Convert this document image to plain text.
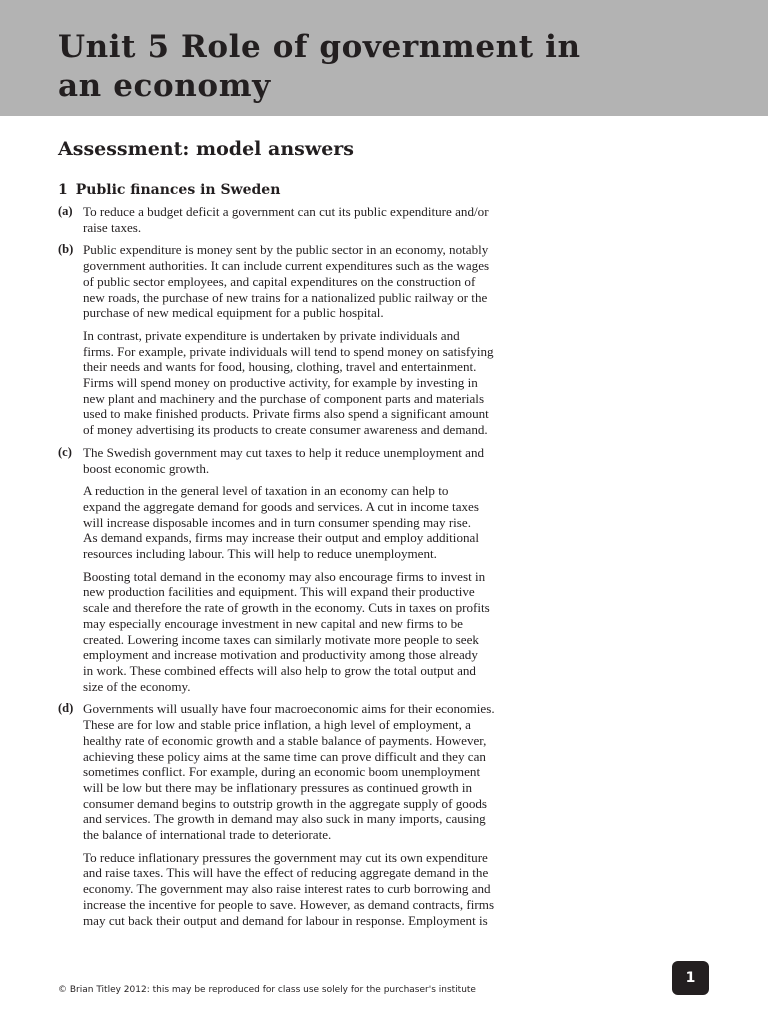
Unit 5 Role of government in
an economy
Assessment: model answers
1 Public finances in Sweden
(a) To reduce a budget deficit a government can cut its public expenditure and/or
raise taxes.
(b) Public expenditure is money sent by the public sector in an economy, notably
government authorities. It can include current expenditures such as the wages
of public sector employees, and capital expenditures on the construction of
new roads, the purchase of new trains for a nationalized public railway or the
purchase of new medical equipment for a public hospital.
In contrast, private expenditure is undertaken by private individuals and
firms. For example, private individuals will tend to spend money on satisfying
their needs and wants for food, housing, clothing, travel and entertainment.
Firms will spend money on productive activity, for example by investing in
new plant and machinery and the purchase of component parts and materials
used to make finished products. Private firms also spend a significant amount
of money advertising its products to create consumer awareness and demand.
(c) The Swedish government may cut taxes to help it reduce unemployment and
boost economic growth.
A reduction in the general level of taxation in an economy can help to
expand the aggregate demand for goods and services. A cut in income taxes
will increase disposable incomes and in turn consumer spending may rise.
As demand expands, firms may increase their output and employ additional
resources including labour. This will help to reduce unemployment.
Boosting total demand in the economy may also encourage firms to invest in
new production facilities and equipment. This will expand their productive
scale and therefore the rate of growth in the economy. Cuts in taxes on profits
may especially encourage investment in new capital and new firms to be
created. Lowering income taxes can similarly motivate more people to seek
employment and increase motivation and productivity among those already
in work. These combined effects will also help to grow the total output and
size of the economy.
(d) Governments will usually have four macroeconomic aims for their economies.
These are for low and stable price inflation, a high level of employment, a
healthy rate of economic growth and a stable balance of payments. However,
achieving these policy aims at the same time can prove difficult and they can
sometimes conflict. For example, during an economic boom unemployment
will be low but there may be inflationary pressures as continued growth in
consumer demand begins to outstrip growth in the aggregate supply of goods
and services. The growth in demand may also suck in many imports, causing
the balance of international trade to deteriorate.
To reduce inflationary pressures the government may cut its own expenditure
and raise taxes. This will have the effect of reducing aggregate demand in the
economy. The government may also raise interest rates to curb borrowing and
increase the incentive for people to save. However, as demand contracts, firms
may cut back their output and demand for labour in response. Employment is
© Brian Titley 2012: this may be reproduced for class use solely for the purchaser's institute
1
